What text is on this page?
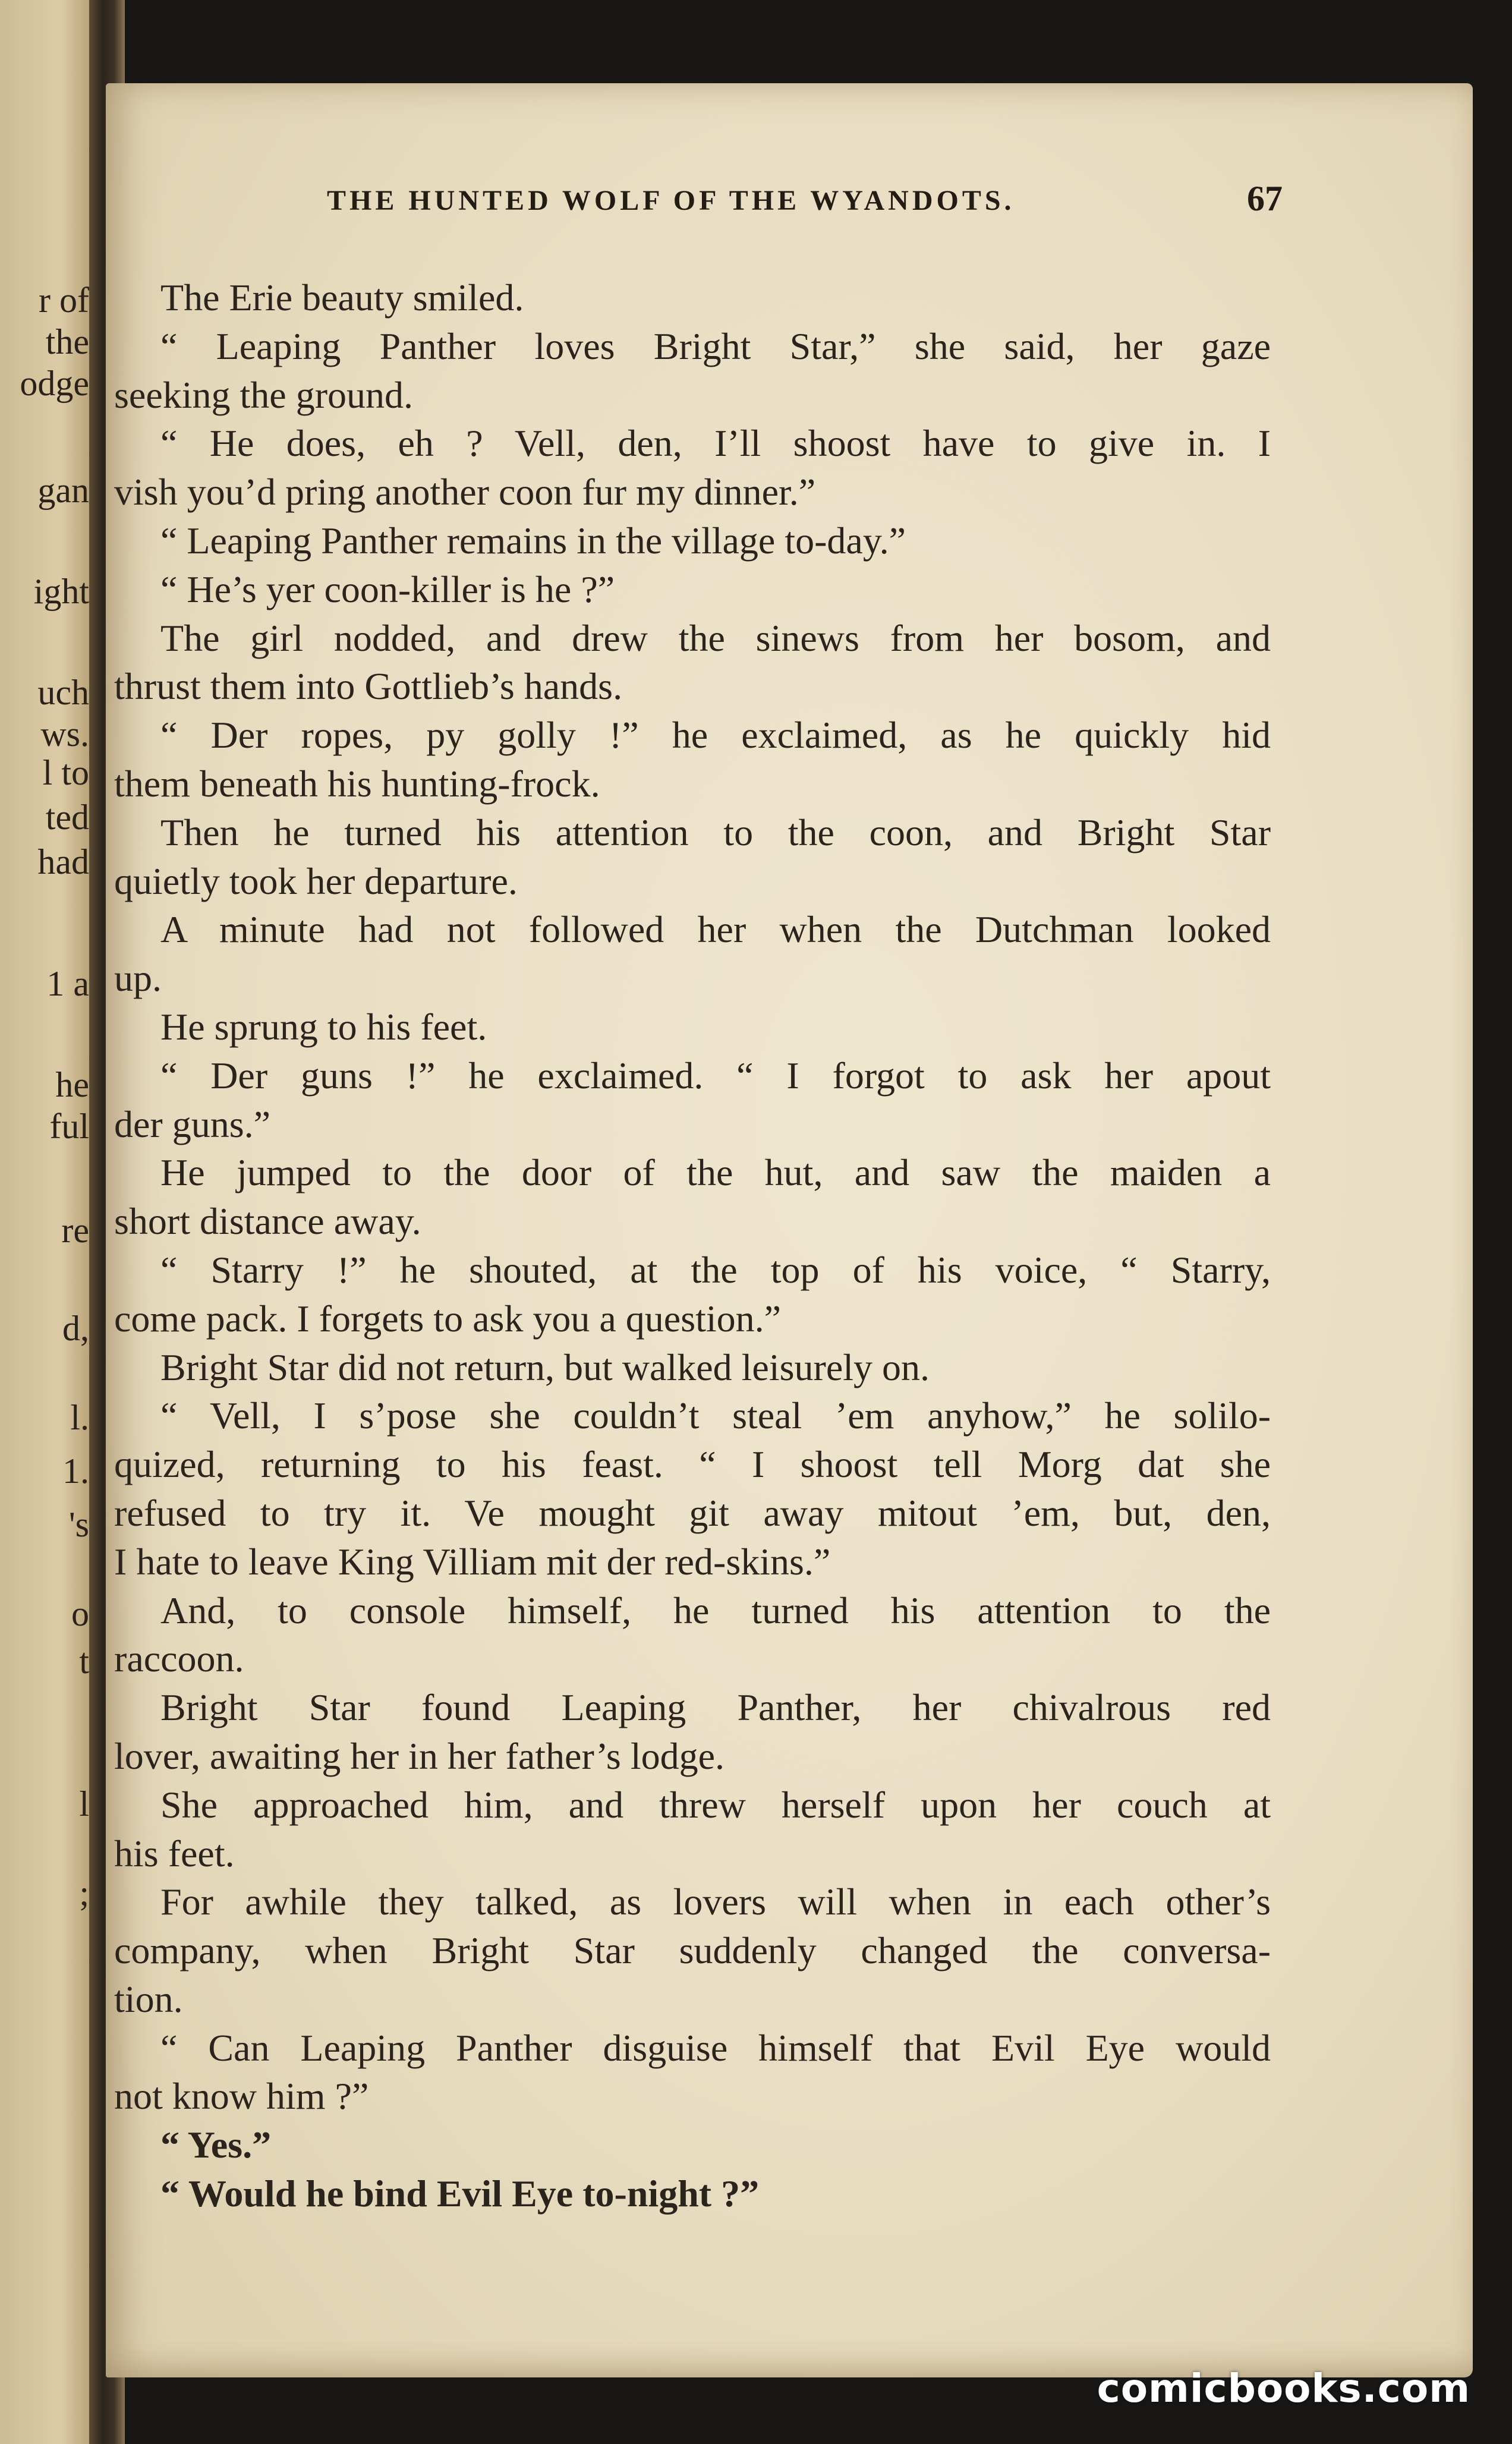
r of
the
odge
gan
ight
uch
ws.
l to
ted
had
1 a
he
ful
re
d,
l.
1.
's
o
t
l
;
THE HUNTED WOLF OF THE WYANDOTS.	67
The Erie beauty smiled.
“ Leaping Panther loves Bright Star,” she said, her gaze
seeking the ground.
“ He does, eh ? Vell, den, I’ll shoost have to give in. I
vish you’d pring another coon fur my dinner.”
“ Leaping Panther remains in the village to-day.”
“ He’s yer coon-killer is he ?”
The girl nodded, and drew the sinews from her bosom, and
thrust them into Gottlieb’s hands.
“ Der ropes, py golly !” he exclaimed, as he quickly hid
them beneath his hunting-frock.
Then he turned his attention to the coon, and Bright Star
quietly took her departure.
A minute had not followed her when the Dutchman looked
up.
He sprung to his feet.
“ Der guns !” he exclaimed. “ I forgot to ask her apout
der guns.”
He jumped to the door of the hut, and saw the maiden a
short distance away.
“ Starry !” he shouted, at the top of his voice, “ Starry,
come pack. I forgets to ask you a question.”
Bright Star did not return, but walked leisurely on.
“ Vell, I s’pose she couldn’t steal ’em anyhow,” he solilo-
quized, returning to his feast. “ I shoost tell Morg dat she
refused to try it. Ve mought git away mitout ’em, but, den,
I hate to leave King Villiam mit der red-skins.”
And, to console himself, he turned his attention to the
raccoon.
Bright Star found Leaping Panther, her chivalrous red
lover, awaiting her in her father’s lodge.
She approached him, and threw herself upon her couch at
his feet.
For awhile they talked, as lovers will when in each other’s
company, when Bright Star suddenly changed the conversa-
tion.
“ Can Leaping Panther disguise himself that Evil Eye would
not know him ?”
“ Yes.”
“ Would he bind Evil Eye to-night ?”
comicbooks.com
